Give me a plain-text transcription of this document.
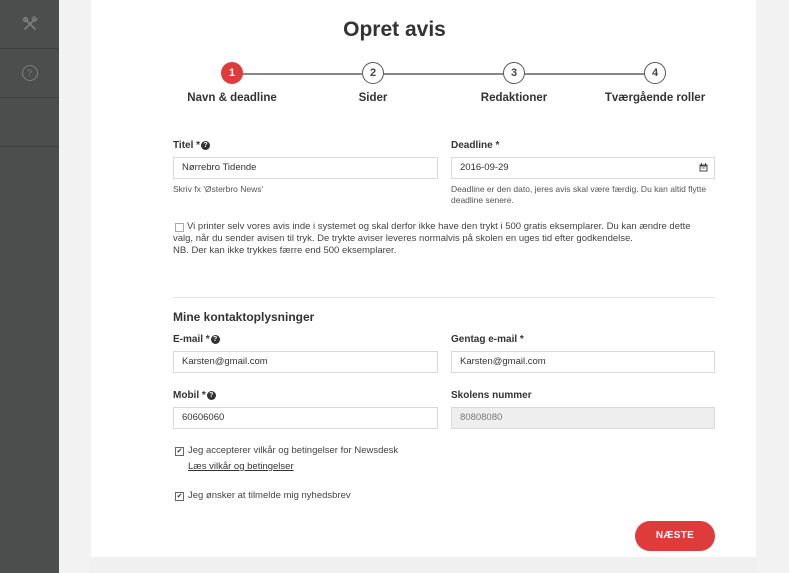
?
Opret avis
1	2	3	4
Navn & deadline	Sider	Redaktioner	Tværgående roller
Titel * ?
Nørrebro Tidende
Skriv fx 'Østerbro News'
Deadline *
2016-09-29
Deadline er den dato, jeres avis skal være færdig. Du kan altid flytte
deadline senere.
Vi printer selv vores avis inde i systemet og skal derfor ikke have den trykt i 500 gratis eksemplarer. Du kan ændre dette
valg, når du sender avisen til tryk. De trykte aviser leveres normalvis på skolen en uges tid efter godkendelse.
NB. Der kan ikke trykkes færre end 500 eksemplarer.
Mine kontaktoplysninger
E-mail * ?
Karsten@gmail.com
Gentag e-mail *
Karsten@gmail.com
Mobil * ?
60606060
Skolens nummer
80808080
✔ Jeg accepterer vilkår og betingelser for Newsdesk
Læs vilkår og betingelser
✔ Jeg ønsker at tilmelde mig nyhedsbrev
NÆSTE
